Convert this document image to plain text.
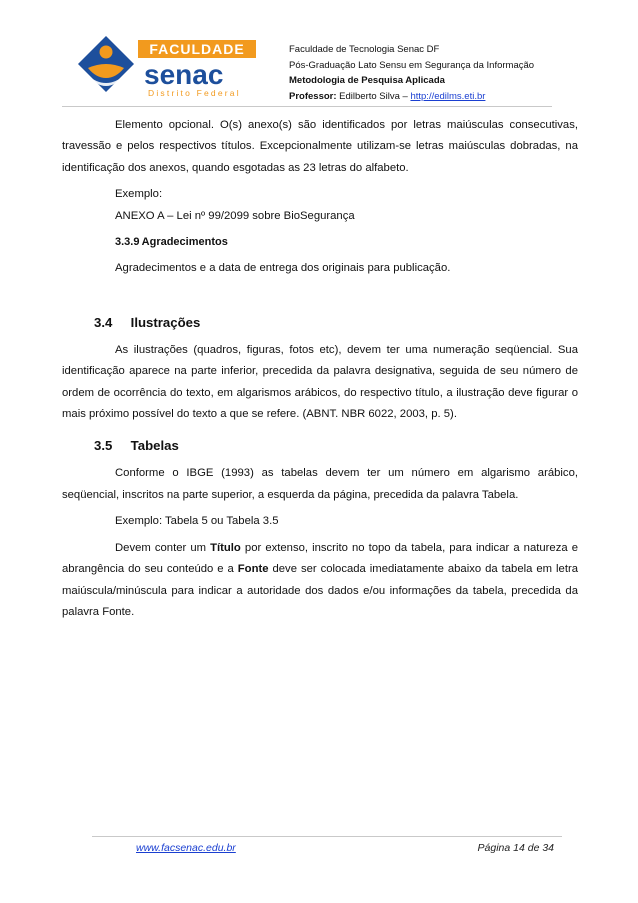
FACULDADE
senac
Distrito Federal
Faculdade de Tecnologia Senac DF
Pós-Graduação Lato Sensu em Segurança da Informação
Metodologia de Pesquisa Aplicada
Professor: Edilberto Silva – http://edilms.eti.br

Elemento opcional. O(s) anexo(s) são identificados por letras maiúsculas consecutivas, travessão e pelos respectivos títulos. Excepcionalmente utilizam-se letras maiúsculas dobradas, na identificação dos anexos, quando esgotadas as 23 letras do alfabeto.

Exemplo:
ANEXO A – Lei nº 99/2099 sobre BioSegurança
3.3.9 Agradecimentos
Agradecimentos e a data de entrega dos originais para publicação.
3.4 Ilustrações

As ilustrações (quadros, figuras, fotos etc), devem ter uma numeração seqüencial. Sua identificação aparece na parte inferior, precedida da palavra designativa, seguida de seu número de ordem de ocorrência do texto, em algarismos arábicos, do respectivo título, a ilustração deve figurar o mais próximo possível do texto a que se refere. (ABNT. NBR 6022, 2003, p. 5).

3.5 Tabelas

Conforme o IBGE (1993) as tabelas devem ter um número em algarismo arábico, seqüencial, inscritos na parte superior, a esquerda da página, precedida da palavra Tabela.

Exemplo: Tabela 5 ou Tabela 3.5

Devem conter um Título por extenso, inscrito no topo da tabela, para indicar a natureza e abrangência do seu conteúdo e a Fonte deve ser colocada imediatamente abaixo da tabela em letra maiúscula/minúscula para indicar a autoridade dos dados e/ou informações da tabela, precedida da palavra Fonte.

www.facsenac.edu.br	Página 14 de 34
